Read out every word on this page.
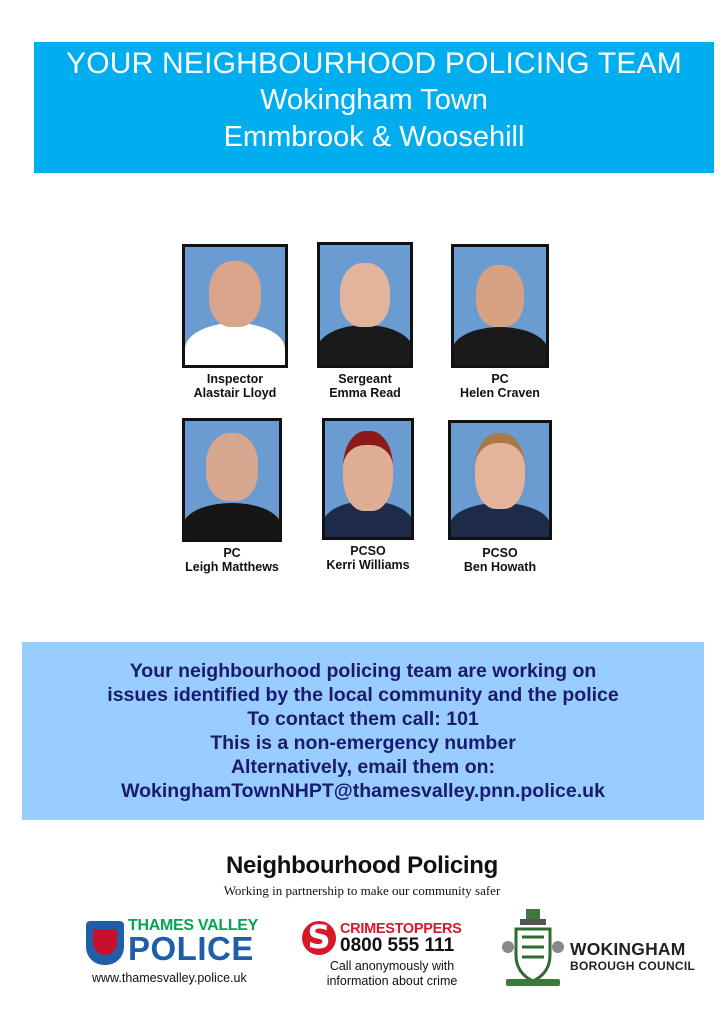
YOUR NEIGHBOURHOOD POLICING TEAM
Wokingham Town
Emmbrook & Woosehill
Inspector
Alastair Lloyd
Sergeant
Emma Read
PC
Helen Craven
PC
Leigh Matthews
PCSO
Kerri Williams
PCSO
Ben Howath
Your neighbourhood policing team are working on
issues identified by the local community and the police
To contact them call: 101
This is a non-emergency number
Alternatively, email them on:
WokinghamTownNHPT@thamesvalley.pnn.police.uk
Neighbourhood Policing
Working in partnership to make our community safer
THAMES VALLEY
POLICE
www.thamesvalley.police.uk
S CRIMESTOPPERS
0800 555 111
Call anonymously with
information about crime
WOKINGHAM
BOROUGH COUNCIL
